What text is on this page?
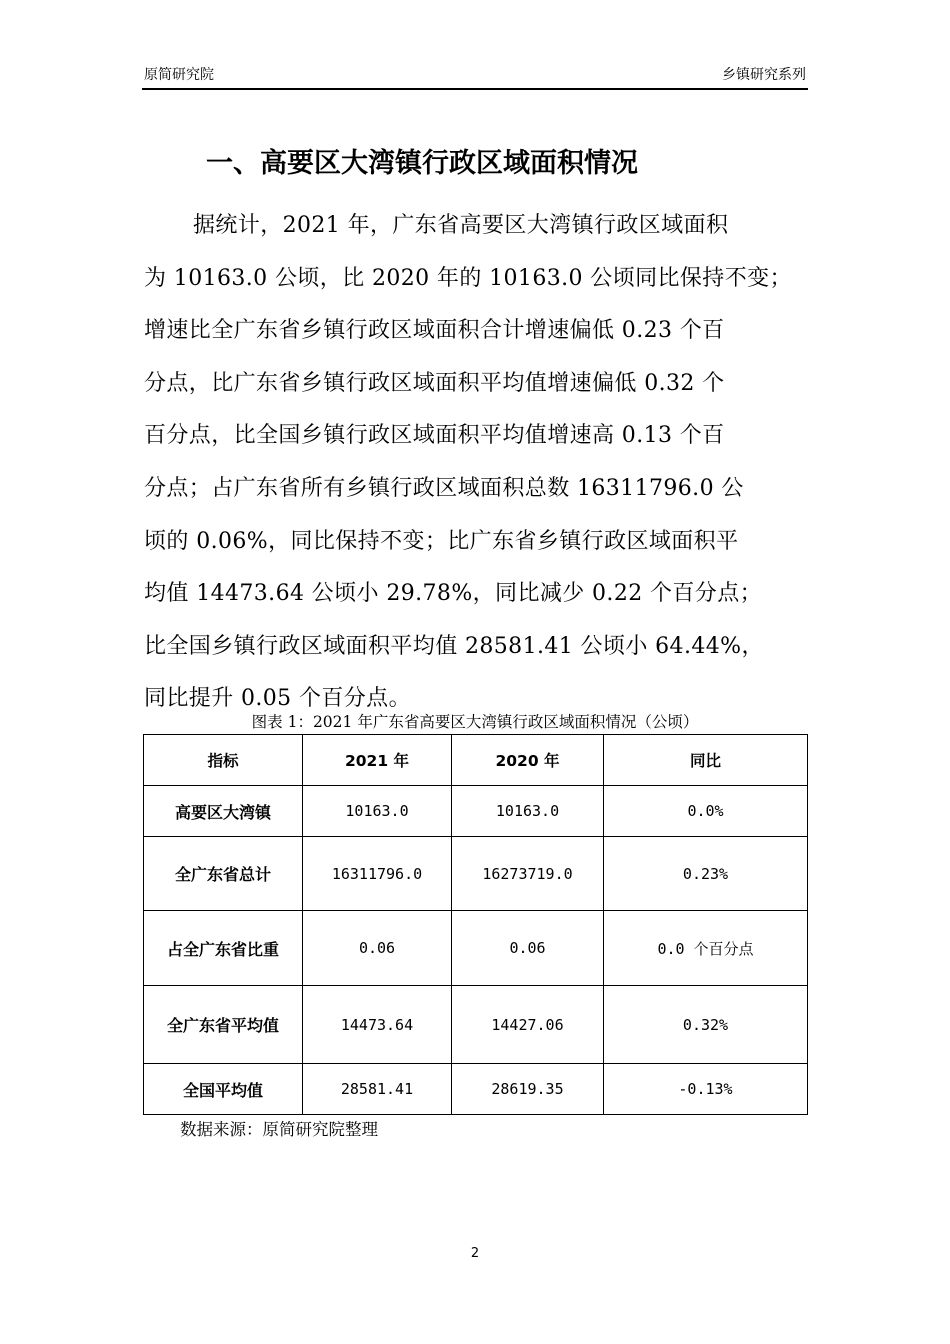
原简研究院	乡镇研究系列
一、高要区大湾镇行政区域面积情况
据统计，2021 年，广东省高要区大湾镇行政区域面积
为 10163.0 公顷，比 2020 年的 10163.0 公顷同比保持不变；
增速比全广东省乡镇行政区域面积合计增速偏低 0.23 个百
分点，比广东省乡镇行政区域面积平均值增速偏低 0.32 个
百分点，比全国乡镇行政区域面积平均值增速高 0.13 个百
分点；占广东省所有乡镇行政区域面积总数 16311796.0 公
顷的 0.06%，同比保持不变；比广东省乡镇行政区域面积平
均值 14473.64 公顷小 29.78%，同比减少 0.22 个百分点；
比全国乡镇行政区域面积平均值 28581.41 公顷小 64.44%，
同比提升 0.05 个百分点。
图表 1：2021 年广东省高要区大湾镇行政区域面积情况（公顷）
指标	2021 年	2020 年	同比
高要区大湾镇	10163.0	10163.0	0.0%
全广东省总计	16311796.0	16273719.0	0.23%
占全广东省比重	0.06	0.06	0.0 个百分点
全广东省平均值	14473.64	14427.06	0.32%
全国平均值	28581.41	28619.35	-0.13%
数据来源：原简研究院整理
2
